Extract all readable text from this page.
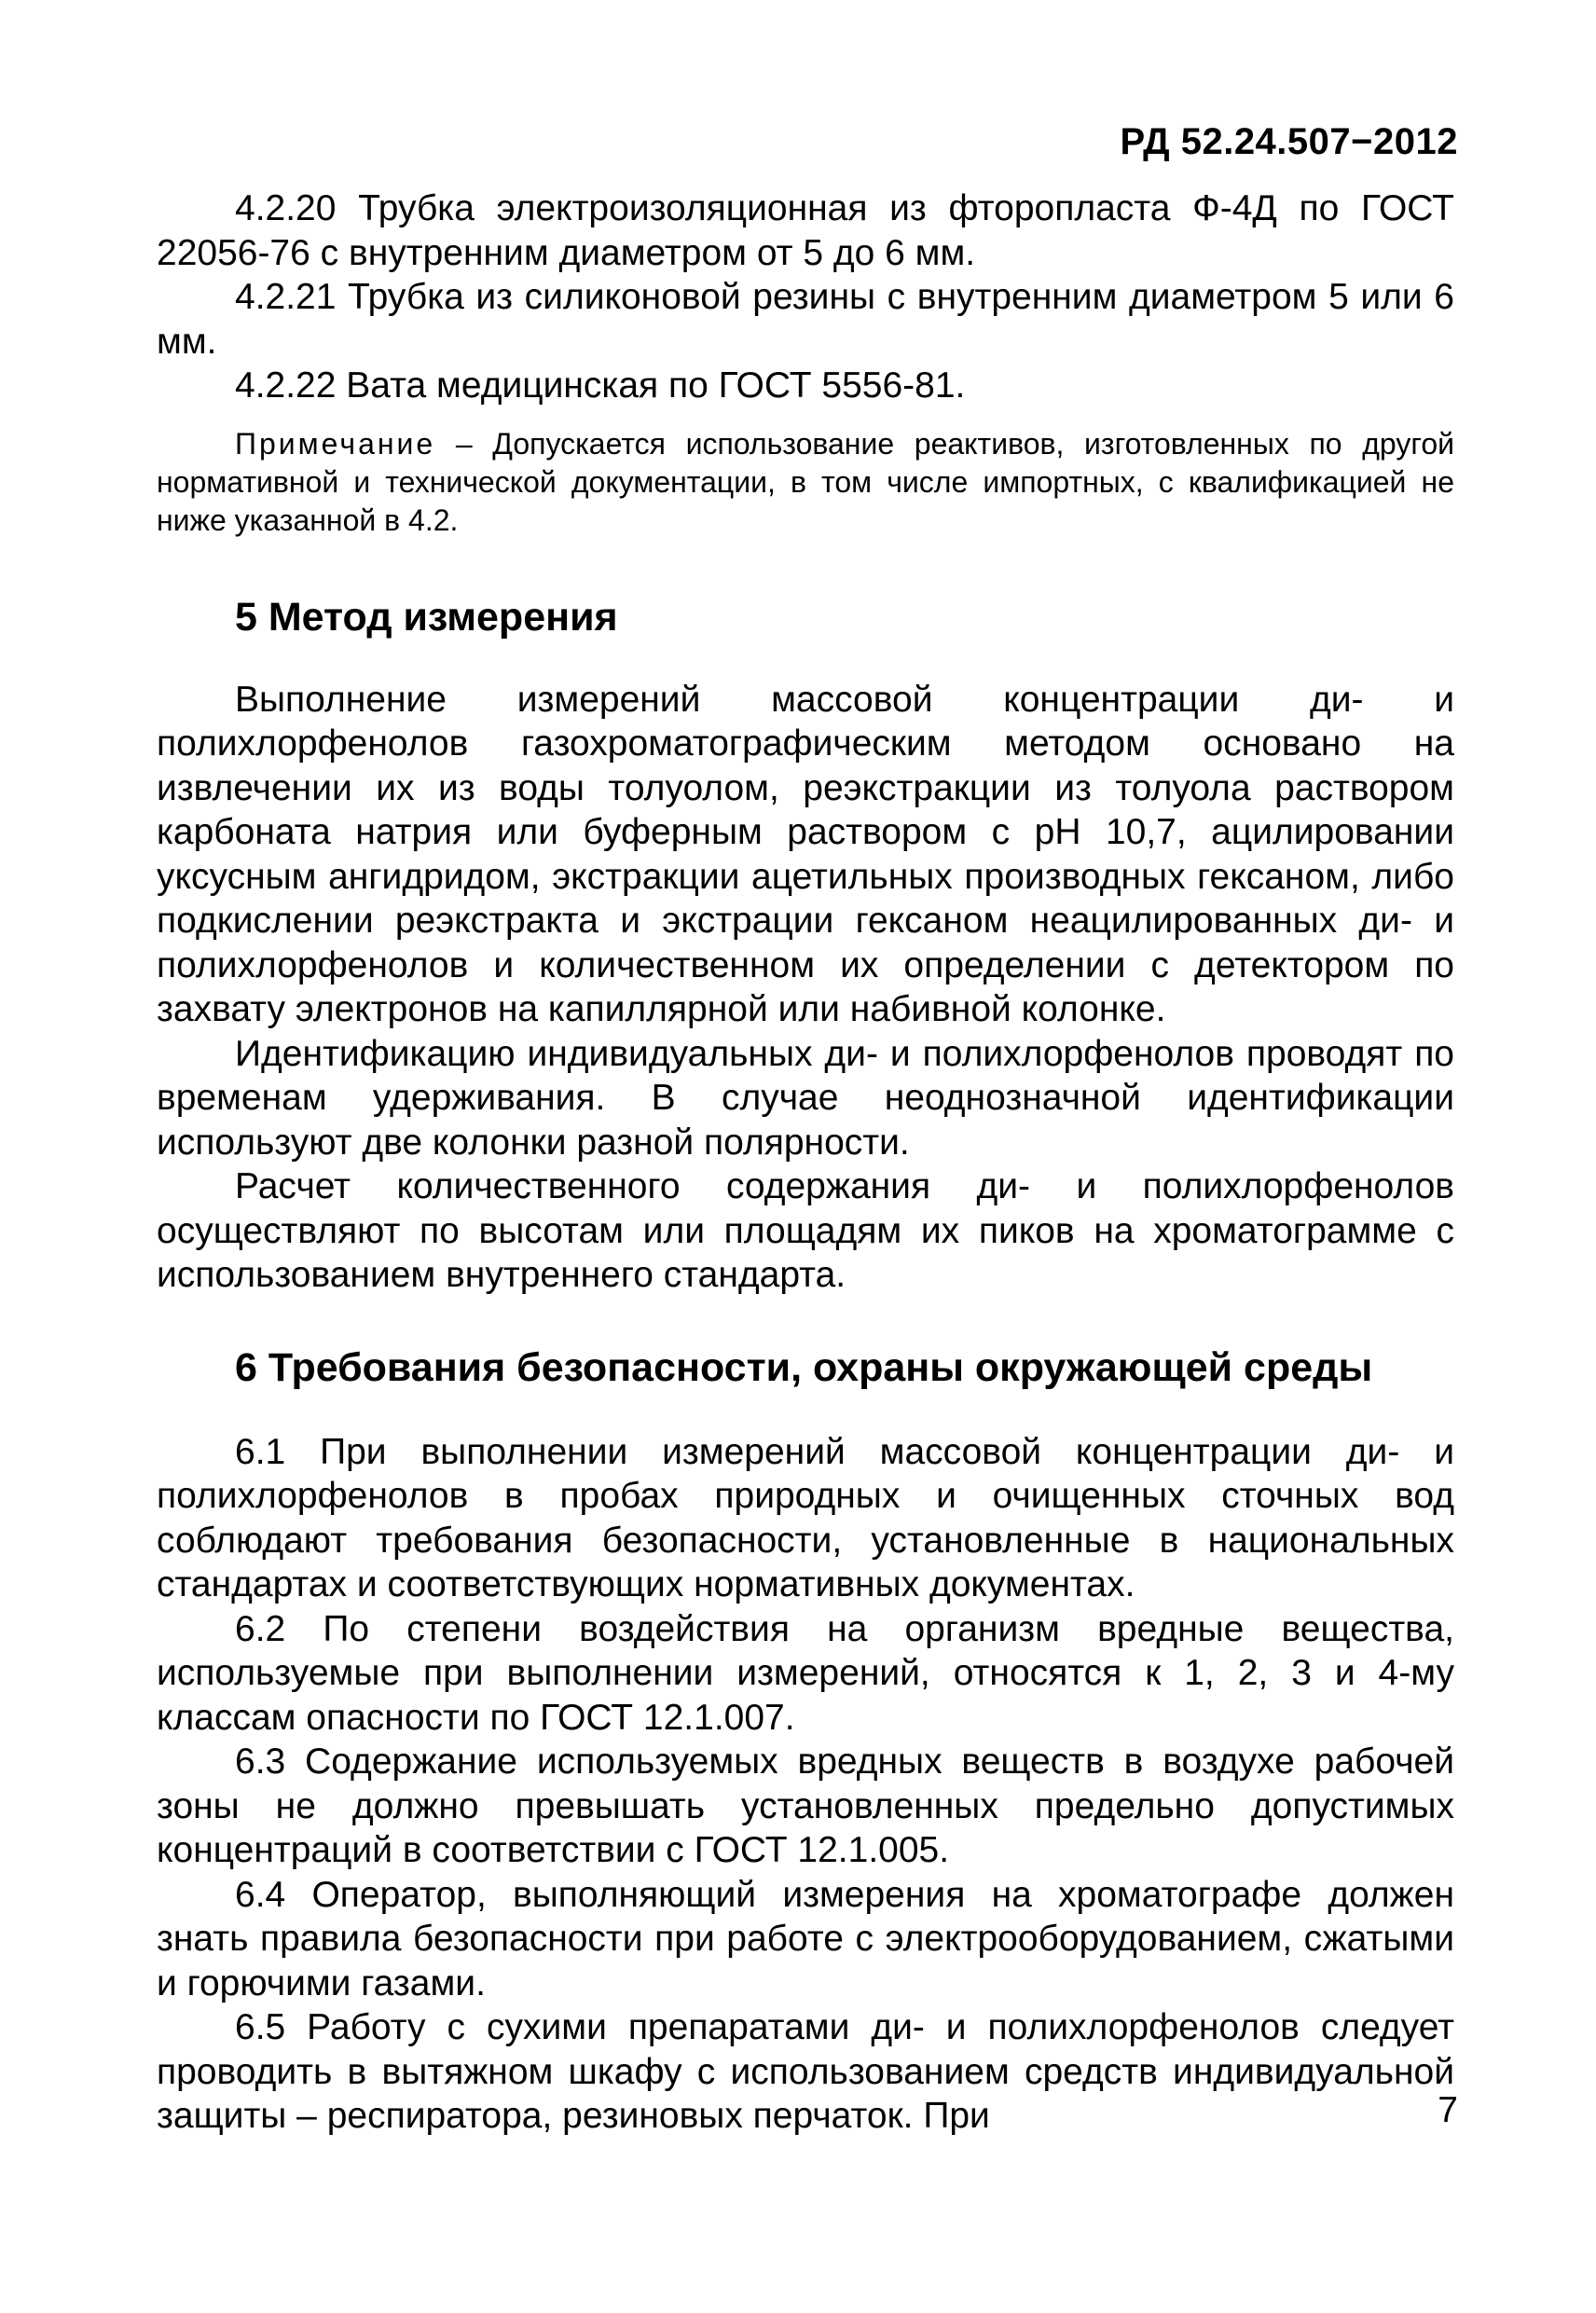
РД 52.24.507−2012

4.2.20 Трубка электроизоляционная из фторопласта Ф-4Д по ГОСТ 22056-76 с внутренним диаметром от 5 до 6 мм.

4.2.21 Трубка из силиконовой резины с внутренним диаметром 5 или 6 мм.

4.2.22 Вата медицинская по ГОСТ 5556-81.

Примечание – Допускается использование реактивов, изготовленных по другой нормативной и технической документации, в том числе импортных, с квалификацией не ниже указанной в 4.2.

5 Метод измерения

Выполнение измерений массовой концентрации ди- и полихлорфенолов газохроматографическим методом основано на извлечении их из воды толуолом, реэкстракции из толуола раствором карбоната натрия или буферным раствором с pH 10,7, ацилировании уксусным ангидридом, экстракции ацетильных производных гексаном, либо подкислении реэкстракта и экстрации гексаном неацилированных ди- и полихлорфенолов и количественном их определении с детектором по захвату электронов на капиллярной или набивной колонке.

Идентификацию индивидуальных ди- и полихлорфенолов проводят по временам удерживания. В случае неоднозначной идентификации используют две колонки разной полярности.

Расчет количественного содержания ди- и полихлорфенолов осуществляют по высотам или площадям их пиков на хроматограмме с использованием внутреннего стандарта.

6 Требования безопасности, охраны окружающей среды

6.1 При выполнении измерений массовой концентрации ди- и полихлорфенолов в пробах природных и очищенных сточных вод соблюдают требования безопасности, установленные в национальных стандартах и соответствующих нормативных документах.

6.2 По степени воздействия на организм вредные вещества, используемые при выполнении измерений, относятся к 1, 2, 3 и 4-му классам опасности по ГОСТ 12.1.007.

6.3 Содержание используемых вредных веществ в воздухе рабочей зоны не должно превышать установленных предельно допустимых концентраций в соответствии с ГОСТ 12.1.005.

6.4 Оператор, выполняющий измерения на хроматографе должен знать правила безопасности при работе с электрооборудованием, сжатыми и горючими газами.

6.5 Работу с сухими препаратами ди- и полихлорфенолов следует проводить в вытяжном шкафу с использованием средств индивидуальной защиты – респиратора, резиновых перчаток. При	7
